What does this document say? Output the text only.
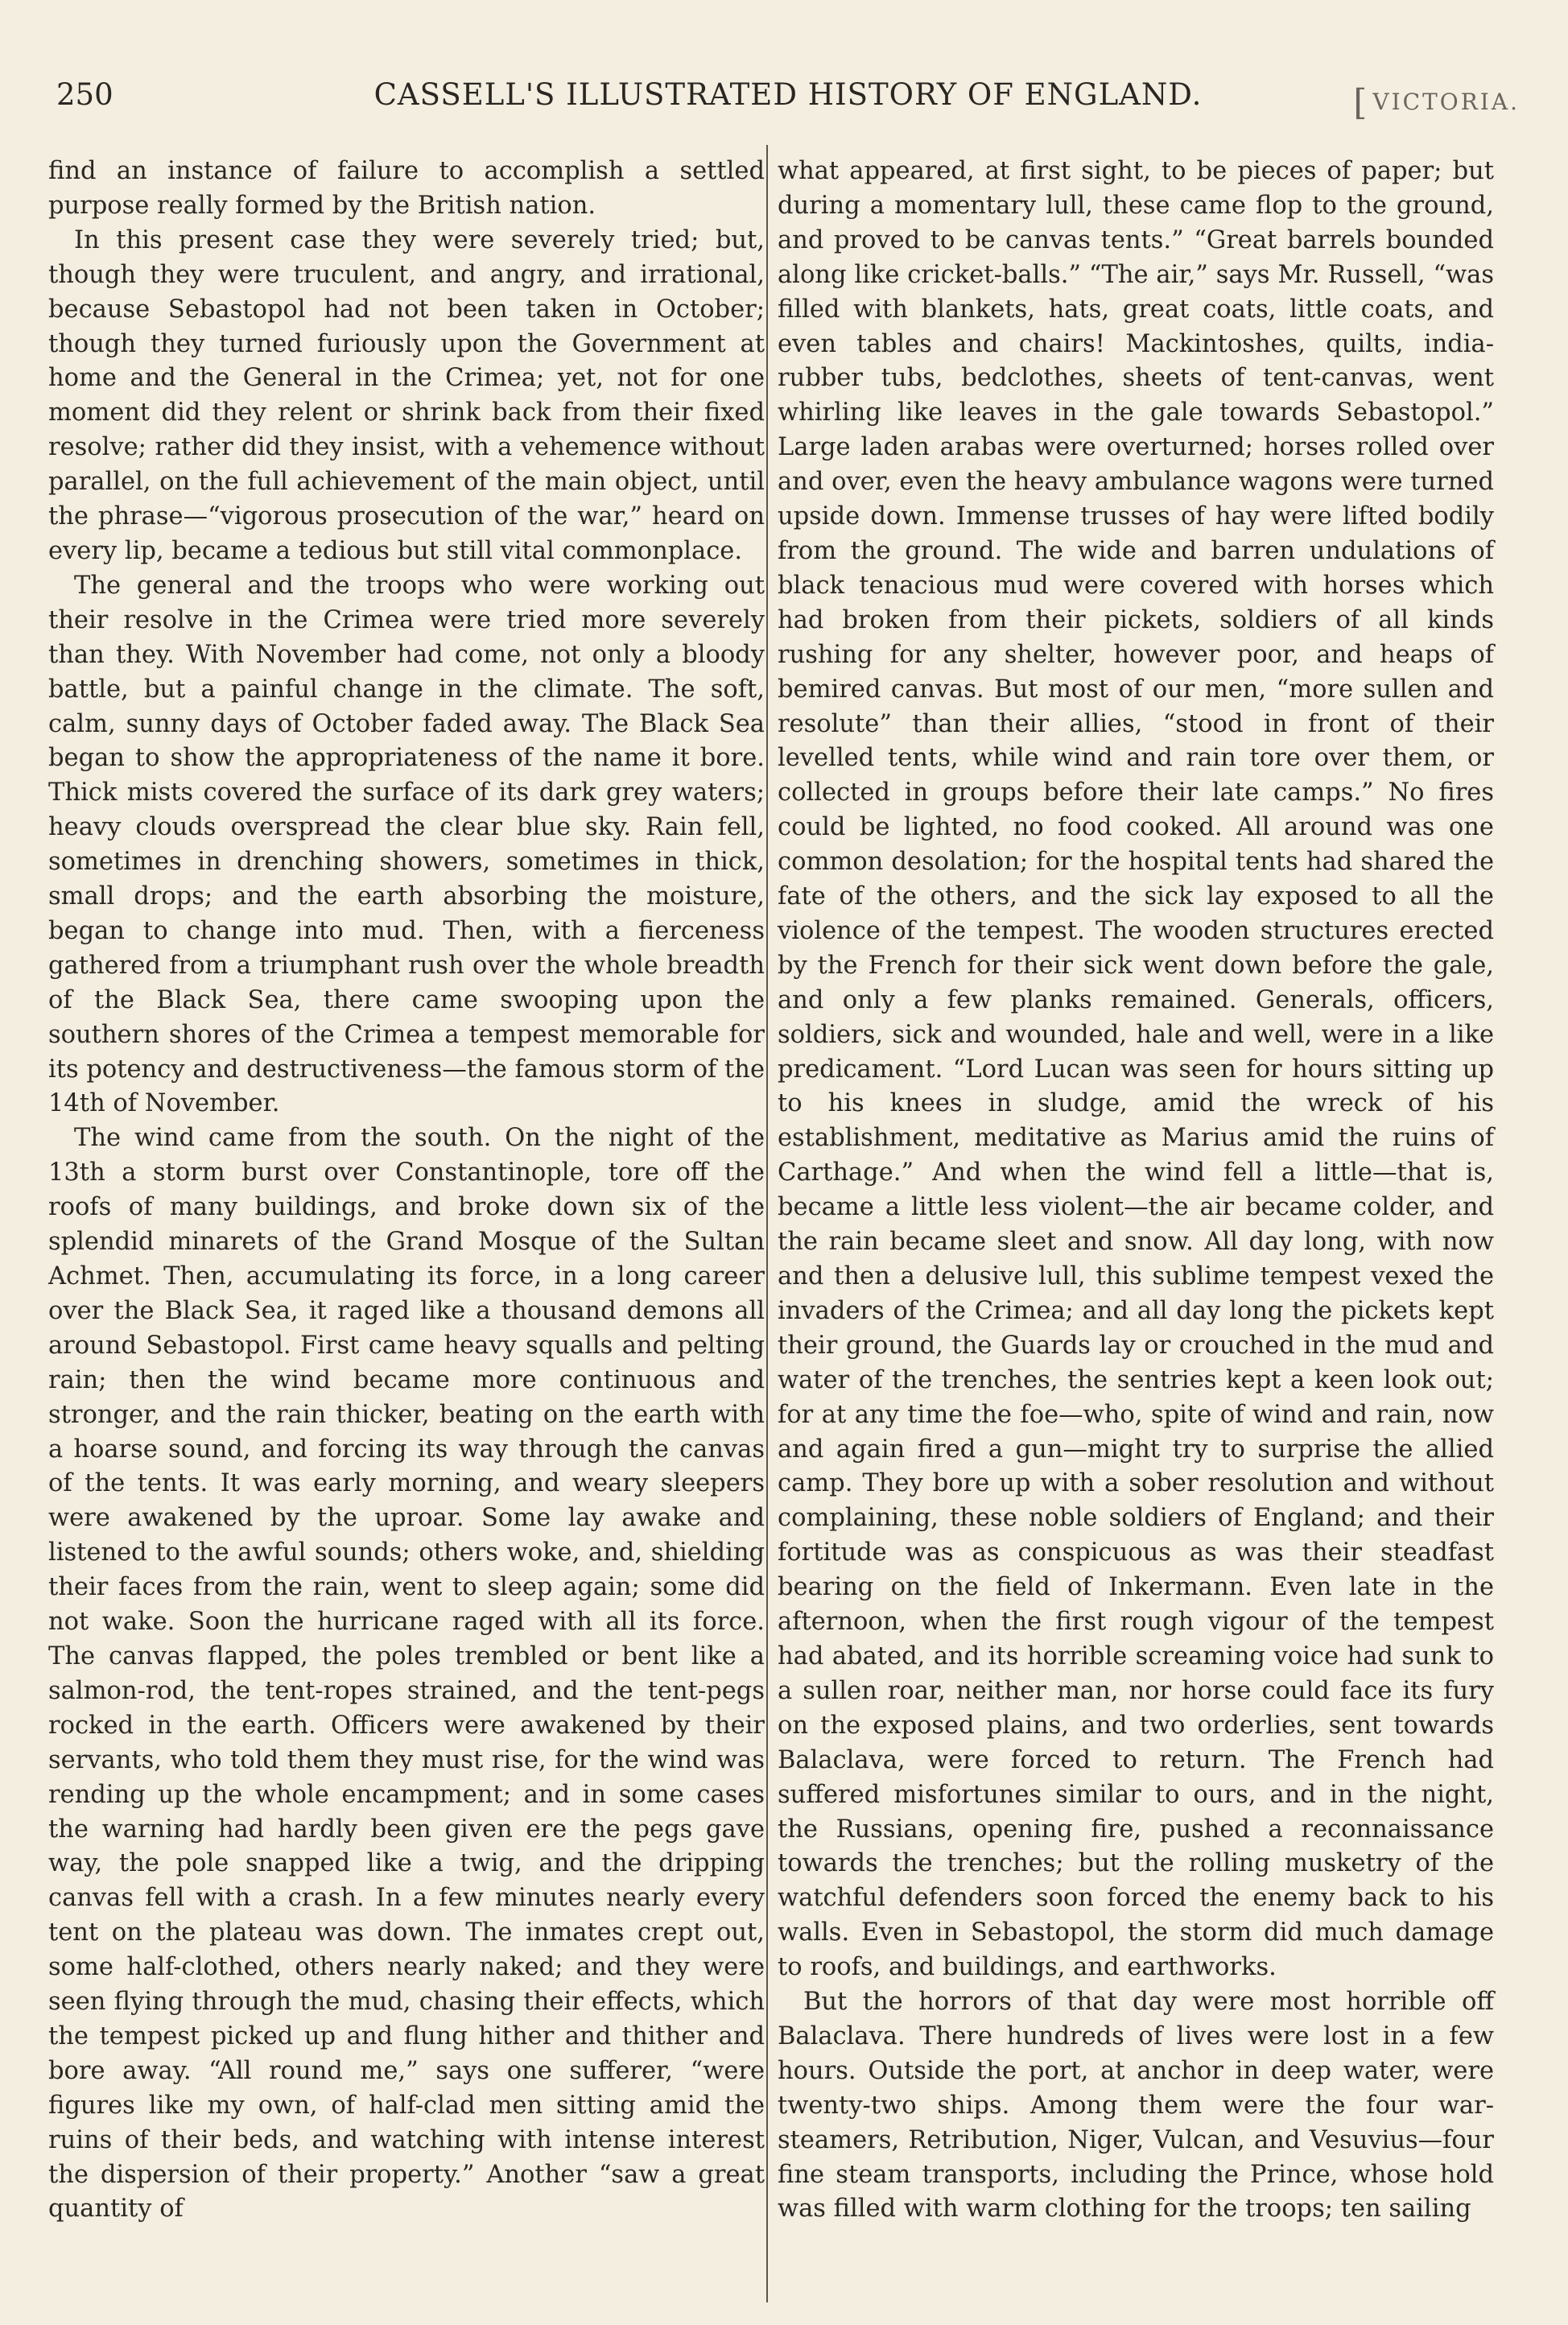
250	CASSELL'S ILLUSTRATED HISTORY OF ENGLAND.	[ VICTORIA.

find an instance of failure to accomplish a settled purpose really formed by the British nation.

In this present case they were severely tried; but, though they were truculent, and angry, and irrational, because Sebastopol had not been taken in October; though they turned furiously upon the Government at home and the General in the Crimea; yet, not for one moment did they relent or shrink back from their fixed resolve; rather did they insist, with a vehemence without parallel, on the full achievement of the main object, until the phrase—“vigorous prosecution of the war,” heard on every lip, became a tedious but still vital commonplace.

The general and the troops who were working out their resolve in the Crimea were tried more severely than they. With November had come, not only a bloody battle, but a painful change in the climate. The soft, calm, sunny days of October faded away. The Black Sea began to show the appropriateness of the name it bore. Thick mists covered the surface of its dark grey waters; heavy clouds overspread the clear blue sky. Rain fell, sometimes in drenching showers, sometimes in thick, small drops; and the earth absorbing the moisture, began to change into mud. Then, with a fierceness gathered from a triumphant rush over the whole breadth of the Black Sea, there came swooping upon the southern shores of the Crimea a tempest memorable for its potency and destructiveness—the famous storm of the 14th of November.

The wind came from the south. On the night of the 13th a storm burst over Constantinople, tore off the roofs of many buildings, and broke down six of the splendid minarets of the Grand Mosque of the Sultan Achmet. Then, accumulating its force, in a long career over the Black Sea, it raged like a thousand demons all around Sebastopol. First came heavy squalls and pelting rain; then the wind became more continuous and stronger, and the rain thicker, beating on the earth with a hoarse sound, and forcing its way through the canvas of the tents. It was early morning, and weary sleepers were awakened by the uproar. Some lay awake and listened to the awful sounds; others woke, and, shielding their faces from the rain, went to sleep again; some did not wake. Soon the hurricane raged with all its force. The canvas flapped, the poles trembled or bent like a salmon-rod, the tent-ropes strained, and the tent-pegs rocked in the earth. Officers were awakened by their servants, who told them they must rise, for the wind was rending up the whole encampment; and in some cases the warning had hardly been given ere the pegs gave way, the pole snapped like a twig, and the dripping canvas fell with a crash. In a few minutes nearly every tent on the plateau was down. The inmates crept out, some half-clothed, others nearly naked; and they were seen flying through the mud, chasing their effects, which the tempest picked up and flung hither and thither and bore away. “All round me,” says one sufferer, “were figures like my own, of half-clad men sitting amid the ruins of their beds, and watching with intense interest the dispersion of their property.” Another “saw a great quantity of

what appeared, at first sight, to be pieces of paper; but during a momentary lull, these came flop to the ground, and proved to be canvas tents.” “Great barrels bounded along like cricket-balls.” “The air,” says Mr. Russell, “was filled with blankets, hats, great coats, little coats, and even tables and chairs! Mackintoshes, quilts, india-rubber tubs, bedclothes, sheets of tent-canvas, went whirling like leaves in the gale towards Sebastopol.” Large laden arabas were overturned; horses rolled over and over, even the heavy ambulance wagons were turned upside down. Immense trusses of hay were lifted bodily from the ground. The wide and barren undulations of black tenacious mud were covered with horses which had broken from their pickets, soldiers of all kinds rushing for any shelter, however poor, and heaps of bemired canvas. But most of our men, “more sullen and resolute” than their allies, “stood in front of their levelled tents, while wind and rain tore over them, or collected in groups before their late camps.” No fires could be lighted, no food cooked. All around was one common desolation; for the hospital tents had shared the fate of the others, and the sick lay exposed to all the violence of the tempest. The wooden structures erected by the French for their sick went down before the gale, and only a few planks remained. Generals, officers, soldiers, sick and wounded, hale and well, were in a like predicament. “Lord Lucan was seen for hours sitting up to his knees in sludge, amid the wreck of his establishment, meditative as Marius amid the ruins of Carthage.” And when the wind fell a little—that is, became a little less violent—the air became colder, and the rain became sleet and snow. All day long, with now and then a delusive lull, this sublime tempest vexed the invaders of the Crimea; and all day long the pickets kept their ground, the Guards lay or crouched in the mud and water of the trenches, the sentries kept a keen look out; for at any time the foe—who, spite of wind and rain, now and again fired a gun—might try to surprise the allied camp. They bore up with a sober resolution and without complaining, these noble soldiers of England; and their fortitude was as conspicuous as was their steadfast bearing on the field of Inkermann. Even late in the afternoon, when the first rough vigour of the tempest had abated, and its horrible screaming voice had sunk to a sullen roar, neither man, nor horse could face its fury on the exposed plains, and two orderlies, sent towards Balaclava, were forced to return. The French had suffered misfortunes similar to ours, and in the night, the Russians, opening fire, pushed a reconnaissance towards the trenches; but the rolling musketry of the watchful defenders soon forced the enemy back to his walls. Even in Sebastopol, the storm did much damage to roofs, and buildings, and earthworks.

But the horrors of that day were most horrible off Balaclava. There hundreds of lives were lost in a few hours. Outside the port, at anchor in deep water, were twenty-two ships. Among them were the four war-steamers, Retribution, Niger, Vulcan, and Vesuvius—four fine steam transports, including the Prince, whose hold was filled with warm clothing for the troops; ten sailing
